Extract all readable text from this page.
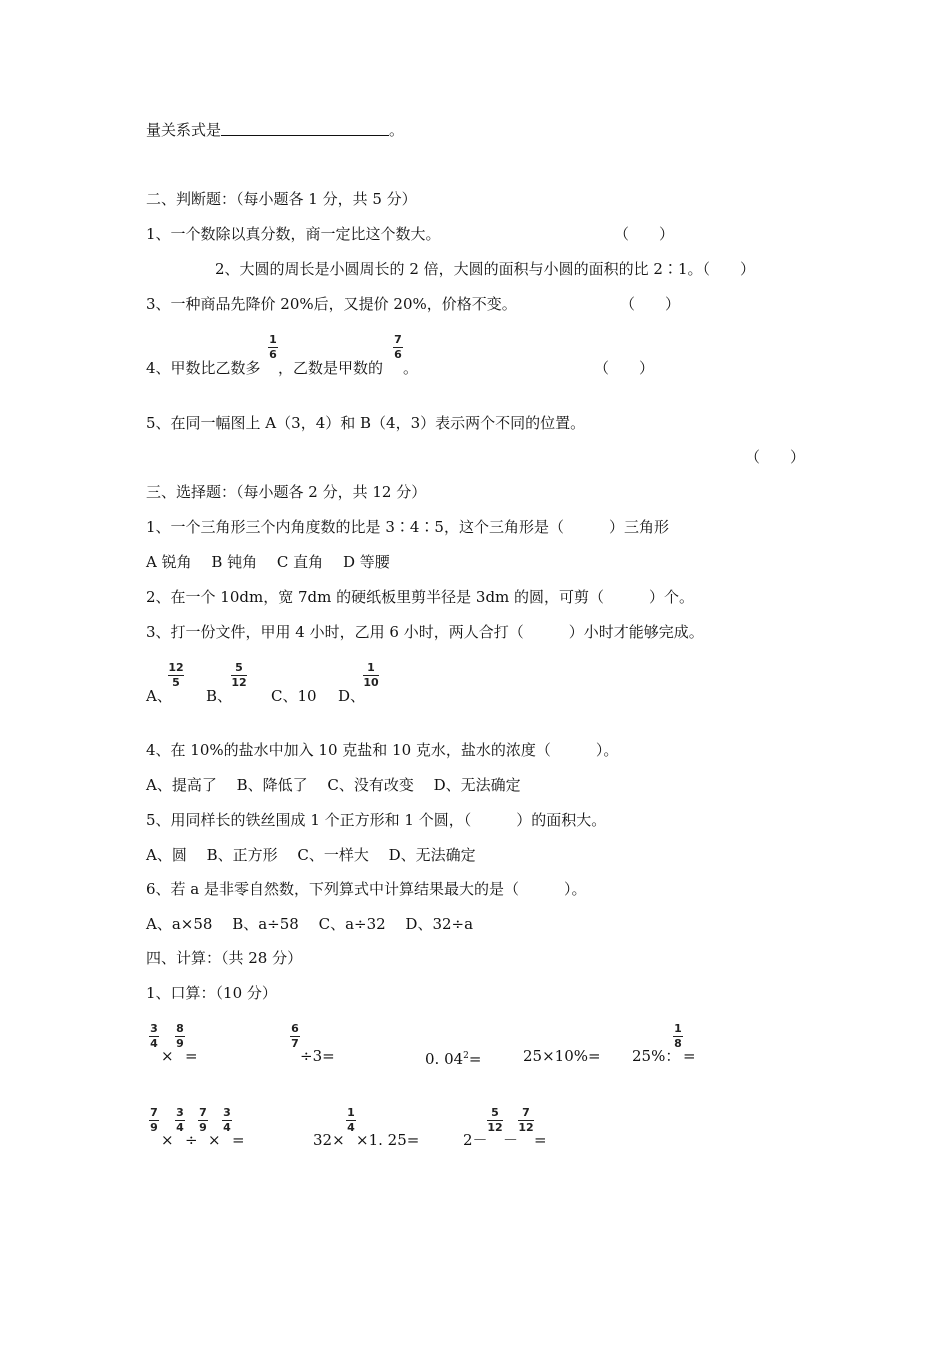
量关系式是	。
二、判断题：（每小题各 1 分，共 5 分）
1、一个数除以真分数，商一定比这个数大。	（　　）
2、大圆的周长是小圆周长的 2 倍，大圆的面积与小圆的面积的比 2∶1。（　　）
3、一种商品先降价 20%后，又提价 20%，价格不变。	（　　）
4、甲数比乙数多
1
6
，乙数是甲数的
7
6
。	（　　）
5、在同一幅图上 A（3，4）和 B（4，3）表示两个不同的位置。
（　　）
三、选择题：（每小题各 2 分，共 12 分）
1、一个三角形三个内角度数的比是 3∶4∶5，这个三角形是（　　　）三角形
A 锐角　 B 钝角　 C 直角　 D 等腰
2、在一个 10dm，宽 7dm 的硬纸板里剪半径是 3dm 的圆，可剪（　　　）个。
3、打一份文件，甲用 4 小时，乙用 6 小时，两人合打（　　　）小时才能够完成。
A、
12
5
B、
5
12
C、10 D、
1
10
4、在 10%的盐水中加入 10 克盐和 10 克水，盐水的浓度（　　　）。
A、提高了　 B、降低了　 C、没有改变　 D、无法确定
5、用同样长的铁丝围成 1 个正方形和 1 个圆，（　　　）的面积大。
A、圆　 B、正方形　 C、一样大　 D、无法确定
6、若 a 是非零自然数，下列算式中计算结果最大的是（　　　）。
A、a×58　 B、a÷58　 C、a÷32　 D、32÷a
四、计算：（共 28 分）
1、口算：（10 分）
3
4
×
8
9
=
6
7
÷3=	0. $04^2=$	25×10%= 25%：
1
8
=
7
9
×
3
4
÷
7
9
×
3
4
=	32×
1
4
×1. 25=	2－
5
12
－
7
12
=
